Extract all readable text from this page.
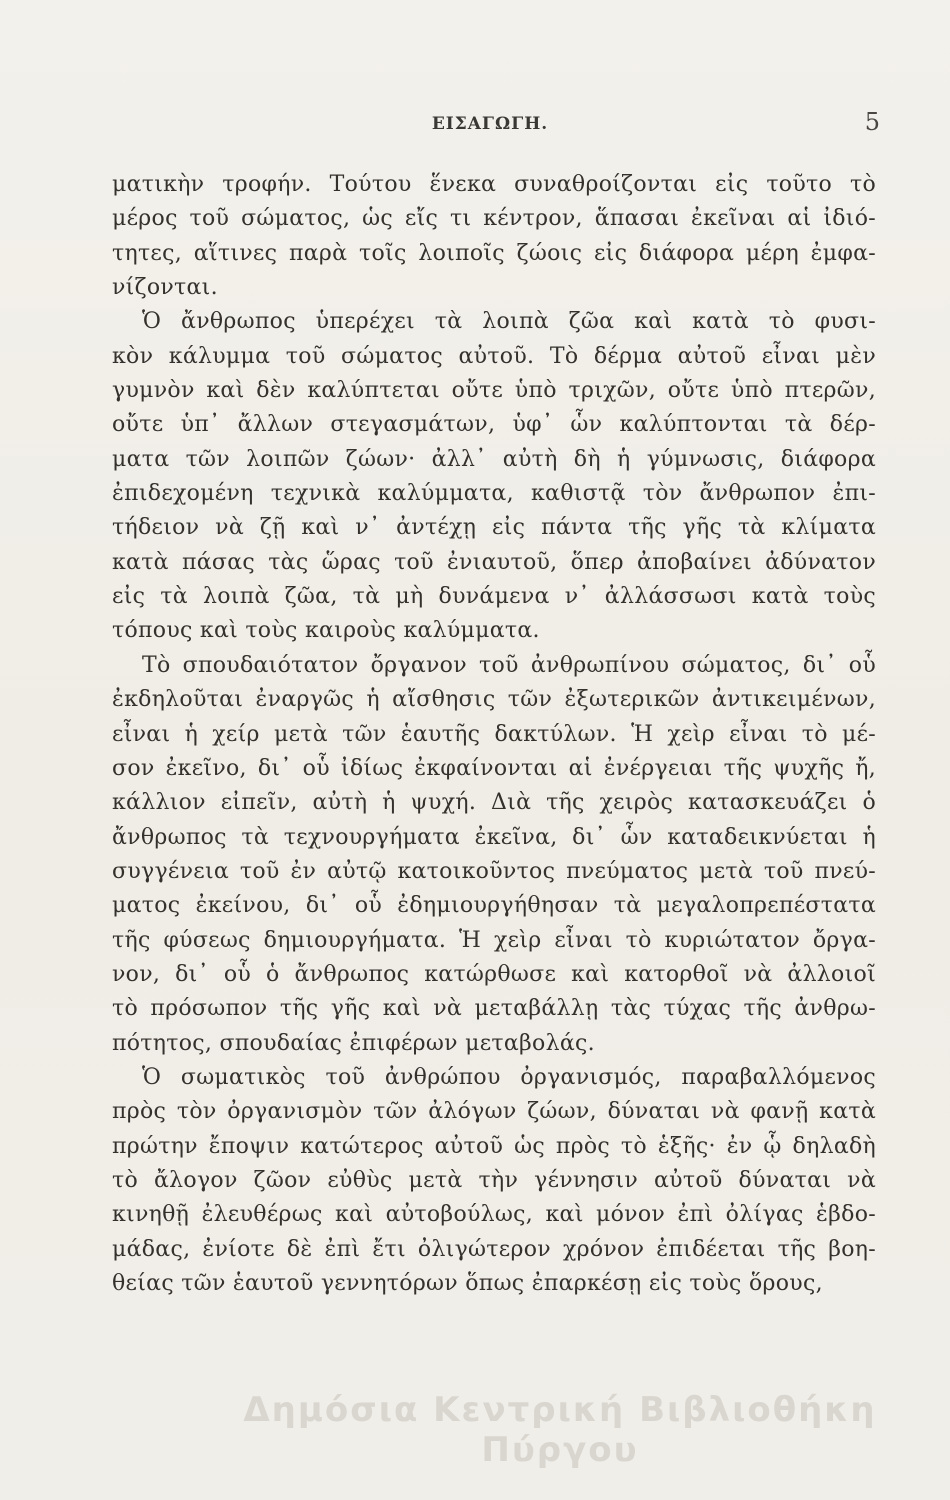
ΕΙΣΑΓΩΓΗ.	5
ματικὴν τροφήν. Τούτου ἕνεκα συναθροίζονται εἰς τοῦτο τὸ
μέρος τοῦ σώματος, ὡς εἴς τι κέντρον, ἅπασαι ἐκεῖναι αἱ ἰδιό-
τητες, αἵτινες παρὰ τοῖς λοιποῖς ζώοις εἰς διάφορα μέρη ἐμφα-
νίζονται.
Ὁ ἄνθρωπος ὑπερέχει τὰ λοιπὰ ζῶα καὶ κατὰ τὸ φυσι-
κὸν κάλυμμα τοῦ σώματος αὐτοῦ. Τὸ δέρμα αὐτοῦ εἶναι μὲν
γυμνὸν καὶ δὲν καλύπτεται οὔτε ὑπὸ τριχῶν, οὔτε ὑπὸ πτερῶν,
οὔτε ὑπ᾽ ἄλλων στεγασμάτων, ὑφ᾽ ὧν καλύπτονται τὰ δέρ-
ματα τῶν λοιπῶν ζώων· ἀλλ᾽ αὐτὴ δὴ ἡ γύμνωσις, διάφορα
ἐπιδεχομένη τεχνικὰ καλύμματα, καθιστᾷ τὸν ἄνθρωπον ἐπι-
τήδειον νὰ ζῇ καὶ ν᾽ ἀντέχῃ εἰς πάντα τῆς γῆς τὰ κλίματα
κατὰ πάσας τὰς ὥρας τοῦ ἐνιαυτοῦ, ὅπερ ἀποβαίνει ἀδύνατον
εἰς τὰ λοιπὰ ζῶα, τὰ μὴ δυνάμενα ν᾽ ἀλλάσσωσι κατὰ τοὺς
τόπους καὶ τοὺς καιροὺς καλύμματα.
Τὸ σπουδαιότατον ὄργανον τοῦ ἀνθρωπίνου σώματος, δι᾽ οὗ
ἐκδηλοῦται ἐναργῶς ἡ αἴσθησις τῶν ἐξωτερικῶν ἀντικειμένων,
εἶναι ἡ χείρ μετὰ τῶν ἑαυτῆς δακτύλων. Ἡ χεὶρ εἶναι τὸ μέ-
σον ἐκεῖνο, δι᾽ οὗ ἰδίως ἐκφαίνονται αἱ ἐνέργειαι τῆς ψυχῆς ἤ,
κάλλιον εἰπεῖν, αὐτὴ ἡ ψυχή. Διὰ τῆς χειρὸς κατασκευάζει ὁ
ἄνθρωπος τὰ τεχνουργήματα ἐκεῖνα, δι᾽ ὧν καταδεικνύεται ἡ
συγγένεια τοῦ ἐν αὐτῷ κατοικοῦντος πνεύματος μετὰ τοῦ πνεύ-
ματος ἐκείνου, δι᾽ οὗ ἐδημιουργήθησαν τὰ μεγαλοπρεπέστατα
τῆς φύσεως δημιουργήματα. Ἡ χεὶρ εἶναι τὸ κυριώτατον ὄργα-
νον, δι᾽ οὗ ὁ ἄνθρωπος κατώρθωσε καὶ κατορθοῖ νὰ ἀλλοιοῖ
τὸ πρόσωπον τῆς γῆς καὶ νὰ μεταβάλλῃ τὰς τύχας τῆς ἀνθρω-
πότητος, σπουδαίας ἐπιφέρων μεταβολάς.
Ὁ σωματικὸς τοῦ ἀνθρώπου ὀργανισμός, παραβαλλόμενος
πρὸς τὸν ὀργανισμὸν τῶν ἀλόγων ζώων, δύναται νὰ φανῇ κατὰ
πρώτην ἔποψιν κατώτερος αὐτοῦ ὡς πρὸς τὸ ἑξῆς· ἐν ᾧ δηλαδὴ
τὸ ἄλογον ζῶον εὐθὺς μετὰ τὴν γέννησιν αὐτοῦ δύναται νὰ
κινηθῇ ἐλευθέρως καὶ αὐτοβούλως, καὶ μόνον ἐπὶ ὀλίγας ἑβδο-
μάδας, ἐνίοτε δὲ ἐπὶ ἔτι ὀλιγώτερον χρόνον ἐπιδέεται τῆς βοη-
θείας τῶν ἑαυτοῦ γεννητόρων ὅπως ἐπαρκέσῃ εἰς τοὺς ὅρους,
Δημόσια Κεντρική Βιβλιοθήκη Πύργου
